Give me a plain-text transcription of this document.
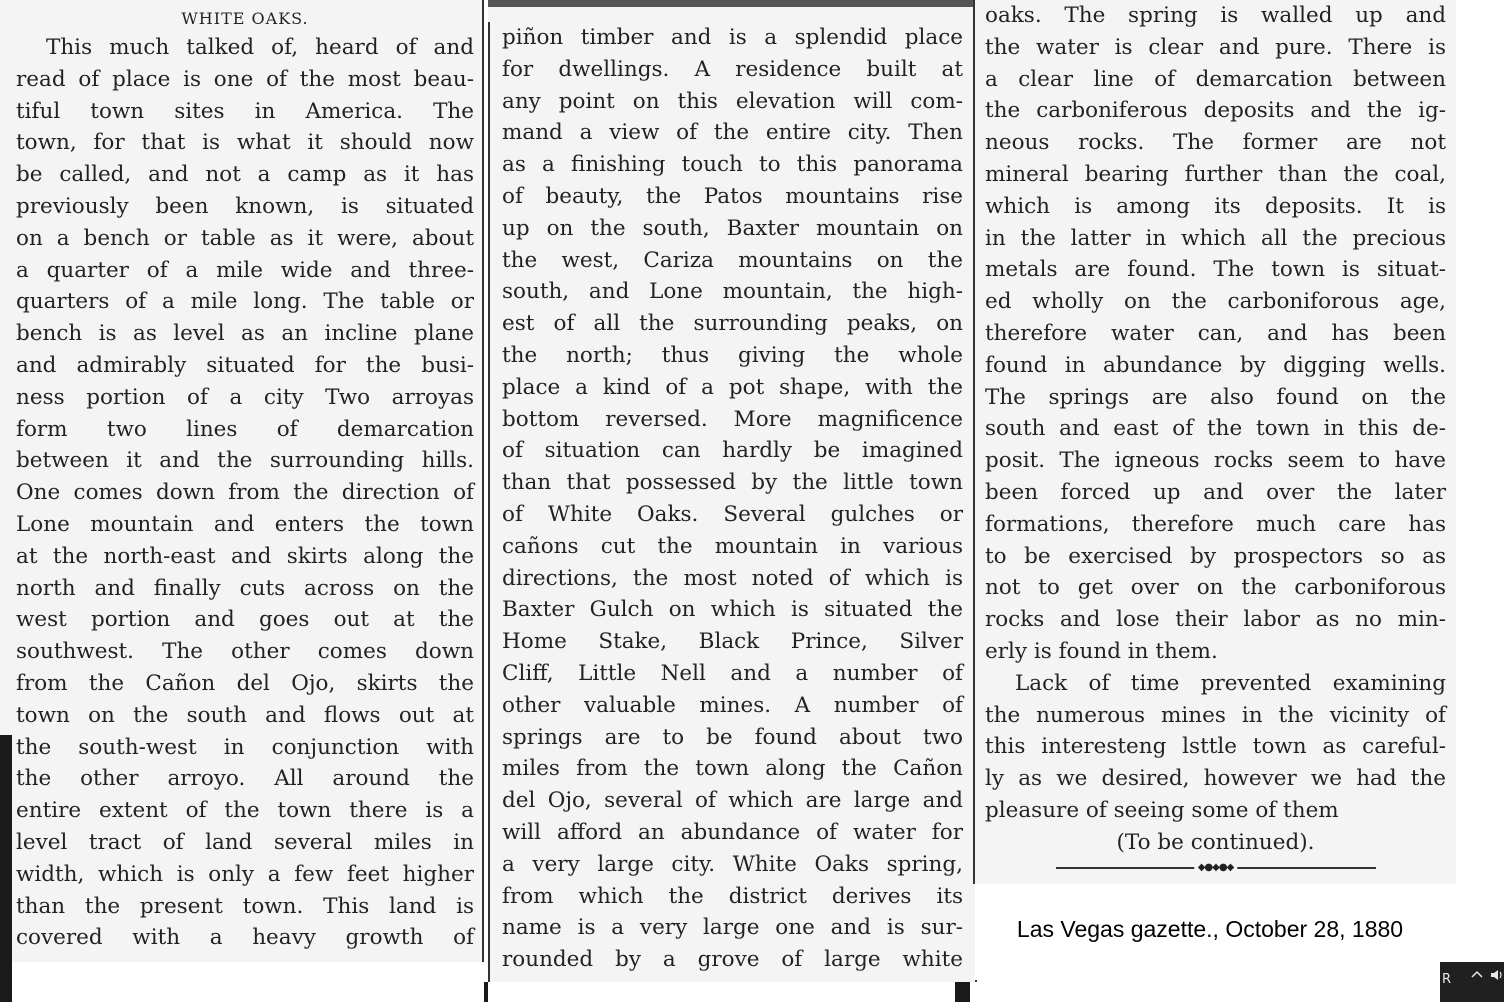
WHITE OAKS.
This much talked of, heard of and
read of place is one of the most beau-
tiful town sites in America. The
town, for that is what it should now
be called, and not a camp as it has
previously been known, is situated
on a bench or table as it were, about
a quarter of a mile wide and three-
quarters of a mile long. The table or
bench is as level as an incline plane
and admirably situated for the busi-
ness portion of a city Two arroyas
form two lines of demarcation
between it and the surrounding hills.
One comes down from the direction of
Lone mountain and enters the town
at the north-east and skirts along the
north and finally cuts across on the
west portion and goes out at the
southwest. The other comes down
from the Cañon del Ojo, skirts the
town on the south and flows out at
the south-west in conjunction with
the other arroyo. All around the
entire extent of the town there is a
level tract of land several miles in
width, which is only a few feet higher
than the present town. This land is
covered with a heavy growth of
piñon timber and is a splendid place
for dwellings. A residence built at
any point on this elevation will com-
mand a view of the entire city. Then
as a finishing touch to this panorama
of beauty, the Patos mountains rise
up on the south, Baxter mountain on
the west, Cariza mountains on the
south, and Lone mountain, the high-
est of all the surrounding peaks, on
the north; thus giving the whole
place a kind of a pot shape, with the
bottom reversed. More magnificence
of situation can hardly be imagined
than that possessed by the little town
of White Oaks. Several gulches or
cañons cut the mountain in various
directions, the most noted of which is
Baxter Gulch on which is situated the
Home Stake, Black Prince, Silver
Cliff, Little Nell and a number of
other valuable mines. A number of
springs are to be found about two
miles from the town along the Cañon
del Ojo, several of which are large and
will afford an abundance of water for
a very large city. White Oaks spring,
from which the district derives its
name is a very large one and is sur-
rounded by a grove of large white
oaks. The spring is walled up and
the water is clear and pure. There is
a clear line of demarcation between
the carboniferous deposits and the ig-
neous rocks. The former are not
mineral bearing further than the coal,
which is among its deposits. It is
in the latter in which all the precious
metals are found. The town is situat-
ed wholly on the carboniforous age,
therefore water can, and has been
found in abundance by digging wells.
The springs are also found on the
south and east of the town in this de-
posit. The igneous rocks seem to have
been forced up and over the later
formations, therefore much care has
to be exercised by prospectors so as
not to get over on the carboniforous
rocks and lose their labor as no min-
erly is found in them.
Lack of time prevented examining
the numerous mines in the vicinity of
this interesteng lsttle town as careful-
ly as we desired, however we had the
pleasure of seeing some of them
(To be continued).
◆●◆●◆
Las Vegas gazette., October 28, 1880
R
